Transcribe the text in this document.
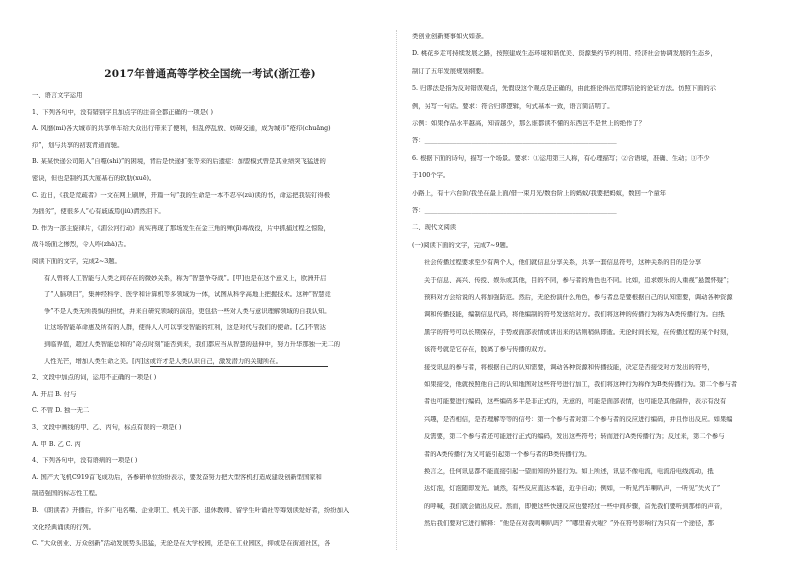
2017年普通高等学校全国统一考试(浙江卷)
一、语言文字运用
1、下列各句中，没有错别字且加点字的注音全都正确的一项是( )
A. 风靡(mí)各大城市的共享单车给大众出行带来了便利，但乱停乱放、妨碍交通，成为城市“疮疖(chuāng)
疖”，划与共享的初衷背道而驰。
B. 某某快递公司陷入“自噬(shì)”的困境，背后是快递扩张等来的后遗症：加盟模式曾是其业绩突飞猛进的
密诀，但也是制约其大厦基石的软肋(xuē)。
C. 近日，《我是荒疏者》一文在网上刷屏，开篇一句“我的生命是一本不忍卒(zú)读的书，命运把我装钉得极
为拙劣”，使很多人“心有戚戚焉(jiǔ)潸然泪下。
D. 作为一部主旋律片，《湄公河行动》真实再现了那场发生在金三角的殚(jī)毒战役，片中抓捕过程之惊险，
战斗场面之惨烈，令人咋(zhà)舌。
阅读下面的文字，完成2~3题。
有人曾将人工智能与人类之间存在的微妙关系，称为“智慧争夺战”。[甲]也是在这个意义上，欧洲开启
了“人脑项目”，集神经科学、医学和计算机等多领域为一体，试图从科学高地上把握技术。这种“智慧竞
争”不是人类无所畏惧的担忧，并来自研究领域的前沿，更包括一些对人类与意识理解领域的自我认知。
让这场智能革命惠及所有的人群，使得人人可以享受智能的红利，这是对代与我们的使命。[乙]不管达
到临界值，超过人类智能总和的“奇点时刻”能否到来，我们都应当从智慧的延伸中，努力升华那独一无二的
人性光芒，增加人类生命之美。[丙]这或许才是人类认识自己，激发潜力的关键所在。
2、文段中加点的词，运用不正确的一项是( )
A. 开启 B. 付与
C. 不管 D. 独一无二
3、文段中画线的甲、乙、丙句，标点有误的一项是( )
A. 甲 B. 乙 C. 丙
4、下列各句中，没有语病的一项是( )
A. 国产大飞机C919首飞成功后，各参研单位纷纷表示，要发奋努力把大型客机打造成建设创新型国家和
制造强国的标志性工程。
B. 《朗读者》开播后，许多广电名嘴、企业职工、机关干部、退休教师、留学生叶诵社等筹划读爱好者，纷纷加入
文化经典诵读的行列。
C. “大众创业、万众创新”活动发展势头迅猛，无论是在大学校园，还是在工业园区，抑或是在街道社区，各
类创业创新赛事如火如荼。
D. 桃花乡走可持续发展之路，按照建成生态环境和谐优美、资源集约节约利用、经济社会协调发展的生态乡，
制订了五年发展规划纲要。
5. 归谬法是指为反对错误观点，先假设这个观点是正确的，由此推论得出荒谬结论的论证方法。仿照下面的示
例，另写一句话。要求：符合归谬逻辑，句式基本一致，语言简洁明了。
示例：如果作品水平越高，知音越少，那么谁都读不懂的东西岂不是世上的绝作了？
答：_____________________________________________________________
6. 根据下面的诗句，描写一个场景。要求：①运用第三人称，有心理描写；②合语境，准确、生动；③不少
于100个字。
小路上，有十六台阶/我坐在最上面/借一束月光/数台阶上的蚂蚁/我要把蚂蚁，数回一个童年
答：_____________________________________________________________
二、现代文阅读
(一)阅读下面的文字，完成7~9题。
社会传播过程要求至少有两个人，他们就信息分享关系，共享一套信息符号，这种关系的目的是分享
关于信息、高兴、传授、娱乐或其他，目的不同，参与者的角色也不同。比如，追求娱乐的人重视“悬置怀疑”；
预料对方会给说的人将加强防范。然后，无论扮演什么角色，参与者总是要根据自己的认知需要，调动各种资源
调和传播技能，编制信息代码，将他编制的符号发送给对方。我们将这种的传播行为称为A类传播行为。白纸
黑字的符号可以长期保存，手势或面部表情或讲出来的话则稍纵即逝。无论时间长短，在传播过程的某个时刻，
该符号就是它存在，脱离了参与传播的双方。
接受讯息的参与者，将根据自己的认知需要，调动各种资源和传播技能，决定是否接受对方发出的符号，
如果接受，他就按照他自己的认知地图对这些符号进行加工，我们将这种行为称作为B类传播行为。第二个参与者
者也可能要进行编码，这些编码多半是非正式的，无意的，可能是面部表情，也可能是其他副件，表示有没有
兴趣，是否相信，是否理解等等的信号：第一个参与者对第二个参与者的反应进行编码，并且作出反应。如果编
反需要，第二个参与者还可能进行正式的编码，发出这些符号；转而进行A类传播行为；反过来，第二个参与
者的A类传播行为又可能引起第一个参与者的B类传播行为。
换言之，任何讯息都不能直接引起一望而知的外显行为。如上所述，讯息不像电流，电流沿电线流动，抵
达灯泡，灯泡随即发光。诚然，有些反应直达本能，近乎自动；例如，一听见汽车喇叭声，一听见“失火了”
的呼喊，我们就会做出反应。然而，即便这些快速反应也要经过一些中间步骤，首先我们要听到那样的声音，
然后我们要对它进行解释：“他是在对我鸣喇叭吗？”“哪里着火啦？”外在符号影响行为只有一个途径，那
